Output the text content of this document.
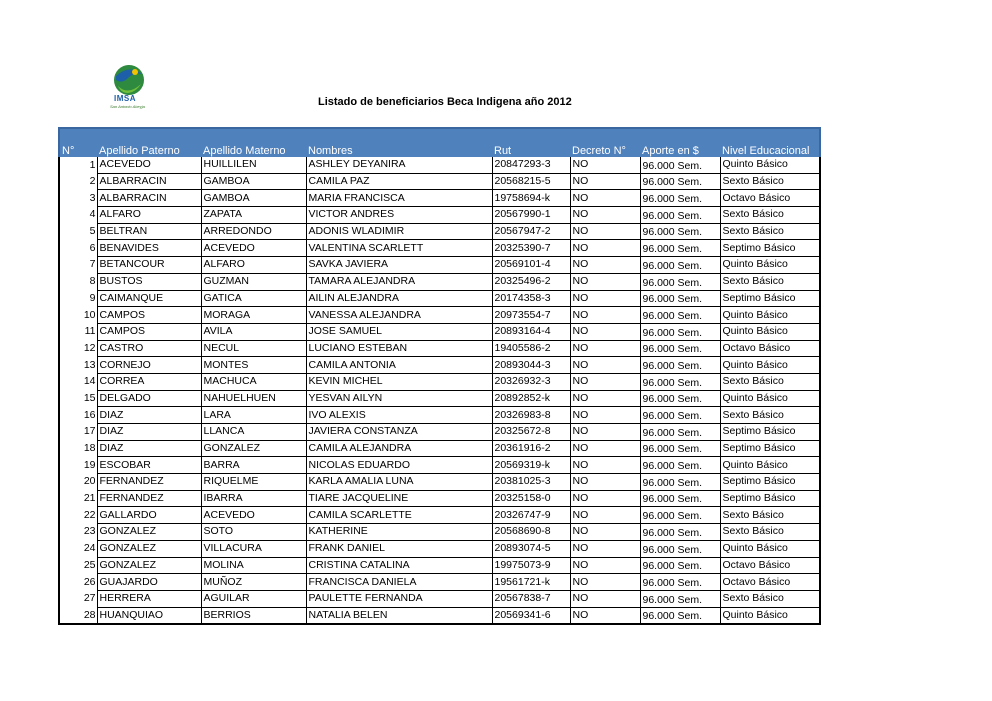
IMSA
San Antonio Abeyja	Listado de beneficiarios Beca Indigena año 2012
N°	Apellido Paterno	Apellido Materno	Nombres	Rut	Decreto N°	Aporte en $	Nivel Educacional
1	ACEVEDO	HUILLILEN	ASHLEY DEYANIRA	20847293-3	NO	96.000 Sem.	Quinto Básico
2	ALBARRACIN	GAMBOA	CAMILA PAZ	20568215-5	NO	96.000 Sem.	Sexto Básico
3	ALBARRACIN	GAMBOA	MARIA FRANCISCA	19758694-k	NO	96.000 Sem.	Octavo Básico
4	ALFARO	ZAPATA	VICTOR ANDRES	20567990-1	NO	96.000 Sem.	Sexto Básico
5	BELTRAN	ARREDONDO	ADONIS WLADIMIR	20567947-2	NO	96.000 Sem.	Sexto Básico
6	BENAVIDES	ACEVEDO	VALENTINA SCARLETT	20325390-7	NO	96.000 Sem.	Septimo Básico
7	BETANCOUR	ALFARO	SAVKA JAVIERA	20569101-4	NO	96.000 Sem.	Quinto Básico
8	BUSTOS	GUZMAN	TAMARA ALEJANDRA	20325496-2	NO	96.000 Sem.	Sexto Básico
9	CAIMANQUE	GATICA	AILIN ALEJANDRA	20174358-3	NO	96.000 Sem.	Septimo Básico
10	CAMPOS	MORAGA	VANESSA ALEJANDRA	20973554-7	NO	96.000 Sem.	Quinto Básico
11	CAMPOS	AVILA	JOSE SAMUEL	20893164-4	NO	96.000 Sem.	Quinto Básico
12	CASTRO	NECUL	LUCIANO ESTEBAN	19405586-2	NO	96.000 Sem.	Octavo Básico
13	CORNEJO	MONTES	CAMILA ANTONIA	20893044-3	NO	96.000 Sem.	Quinto Básico
14	CORREA	MACHUCA	KEVIN MICHEL	20326932-3	NO	96.000 Sem.	Sexto Básico
15	DELGADO	NAHUELHUEN	YESVAN AILYN	20892852-k	NO	96.000 Sem.	Quinto Básico
16	DIAZ	LARA	IVO ALEXIS	20326983-8	NO	96.000 Sem.	Sexto Básico
17	DIAZ	LLANCA	JAVIERA CONSTANZA	20325672-8	NO	96.000 Sem.	Septimo Básico
18	DIAZ	GONZALEZ	CAMILA ALEJANDRA	20361916-2	NO	96.000 Sem.	Septimo Básico
19	ESCOBAR	BARRA	NICOLAS EDUARDO	20569319-k	NO	96.000 Sem.	Quinto Básico
20	FERNANDEZ	RIQUELME	KARLA AMALIA LUNA	20381025-3	NO	96.000 Sem.	Septimo Básico
21	FERNANDEZ	IBARRA	TIARE JACQUELINE	20325158-0	NO	96.000 Sem.	Septimo Básico
22	GALLARDO	ACEVEDO	CAMILA SCARLETTE	20326747-9	NO	96.000 Sem.	Sexto Básico
23	GONZALEZ	SOTO	KATHERINE	20568690-8	NO	96.000 Sem.	Sexto Básico
24	GONZALEZ	VILLACURA	FRANK DANIEL	20893074-5	NO	96.000 Sem.	Quinto Básico
25	GONZALEZ	MOLINA	CRISTINA CATALINA	19975073-9	NO	96.000 Sem.	Octavo Básico
26	GUAJARDO	MUÑOZ	FRANCISCA DANIELA	19561721-k	NO	96.000 Sem.	Octavo Básico
27	HERRERA	AGUILAR	PAULETTE FERNANDA	20567838-7	NO	96.000 Sem.	Sexto Básico
28	HUANQUIAO	BERRIOS	NATALIA BELEN	20569341-6	NO	96.000 Sem.	Quinto Básico
